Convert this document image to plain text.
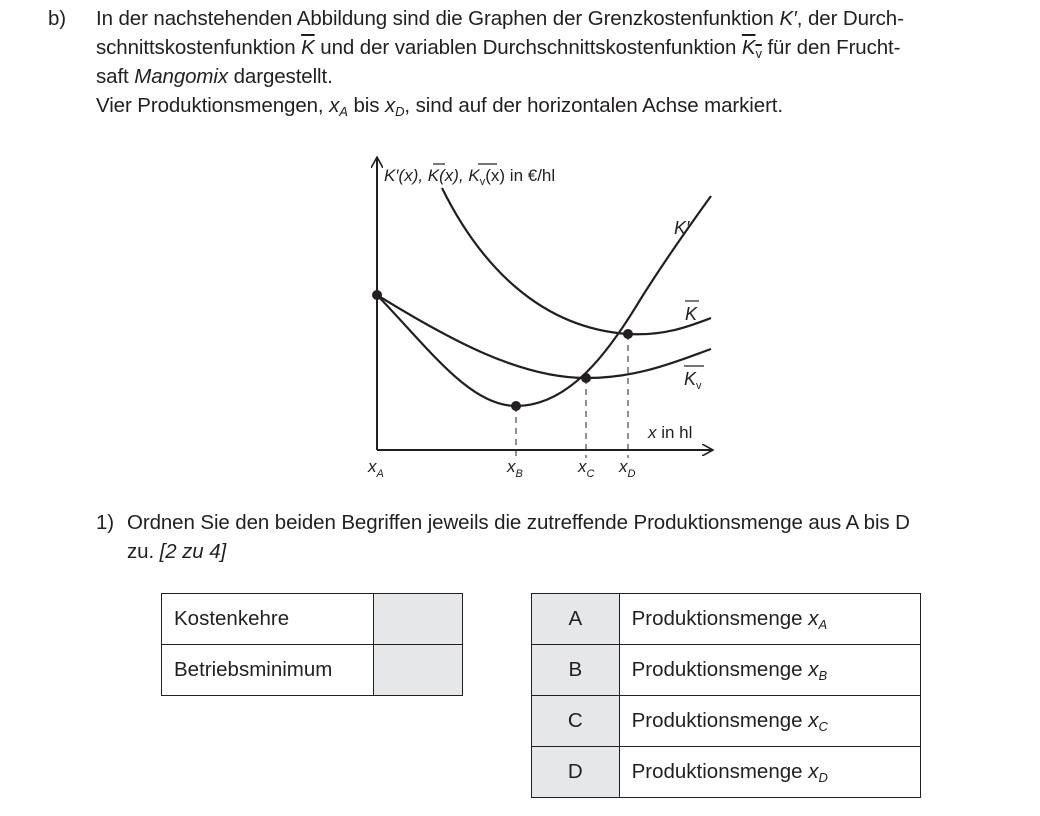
b) In der nachstehenden Abbildung sind die Graphen der Grenzkostenfunktion K′, der Durch-

schnittskostenfunktion $\overline{K}$ und der variablen Durchschnittskostenfunktion $K_v$ für den Frucht-

saft Mangomix dargestellt.

Vier Produktionsmengen, $x_A$ bis $x_D$, sind auf der horizontalen Achse markiert.

K′(x), K(x), $K_v(x)$ in €/hl
K′
K
$K_v$
x in hl
$x_A$	$x_B$	$x_C$ $x_D$
1) Ordnen Sie den beiden Begriffen jeweils die zutreffende Produktionsmenge aus A bis D

zu. [2 zu 4]

Kostenkehre	
Betriebsminimum	
A	Produktionsmenge $x_A$
B	Produktionsmenge $x_B$
C	Produktionsmenge $x_C$
D	Produktionsmenge $x_D$
